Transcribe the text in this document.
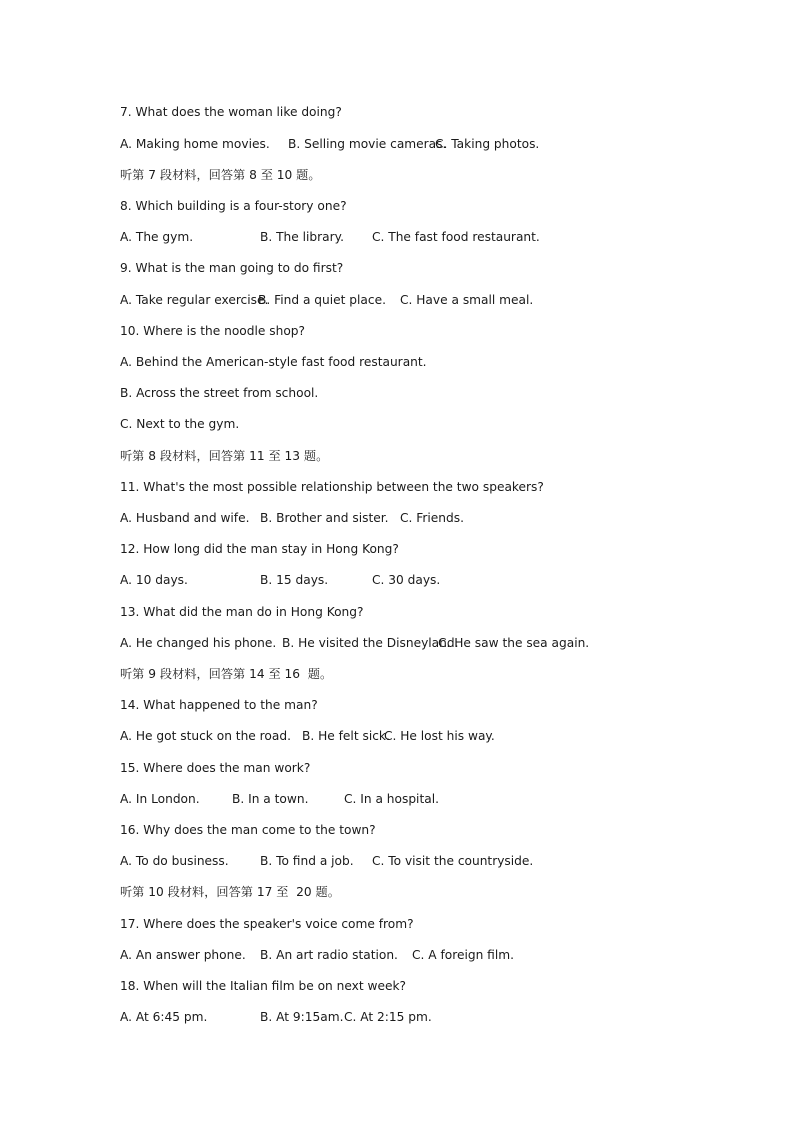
7. What does the woman like doing?

A. Making home movies.

B. Selling movie cameras.

C. Taking photos.

听第 7 段材料，回答第 8 至 10 题。
8. Which building is a four-story one?

A. The gym.

	B. The library.

C. The fast food restaurant.

9. What is the man going to do first?

A. Take regular exercise.

B. Find a quiet place.

C. Have a small meal.

10. Where is the noodle shop?
A. Behind the American-style fast food restaurant.
B. Across the street from school.
C. Next to the gym.
听第 8 段材料，回答第 11 至 13 题。
11. What's the most possible relationship between the two speakers?

A. Husband and wife.

B. Brother and sister.

C. Friends.

12. How long did the man stay in Hong Kong?

A. 10 days.

	B. 15 days.

	C. 30 days.

13. What did the man do in Hong Kong?

A. He changed his phone.

B. He visited the Disneyland.

C. He saw the sea again.

听第 9 段材料，回答第 14 至 16  题。
14. What happened to the man?

A. He got stuck on the road.

B. He felt sick.

C. He lost his way.

15. Where does the man work?

A. In London.

	B. In a town.

	C. In a hospital.

16. Why does the man come to the town?

A. To do business.

	B. To find a job.

C. To visit the countryside.

听第 10 段材料，回答第 17 至  20 题。
17. Where does the speaker's voice come from?

A. An answer phone.

B. An art radio station.

C. A foreign film.

18. When will the Italian film be on next week?

A. At 6:45 pm.

	B. At 9:15am.

C. At 2:15 pm.
